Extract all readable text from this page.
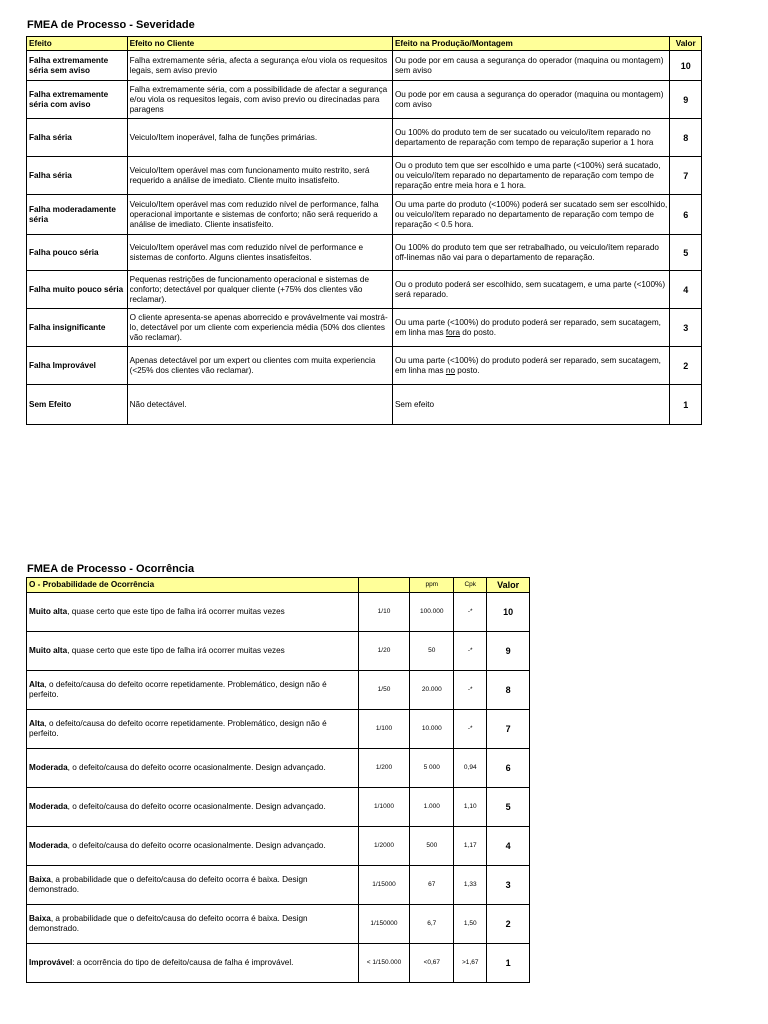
FMEA de Processo - Severidade
Efeito	Efeito no Cliente	Efeito na Produção/Montagem	Valor
Falha extremamente séria sem aviso	Falha extremamente séria, afecta a segurança e/ou viola os requesitos legais, sem aviso previo	Ou pode por em causa a segurança do operador (maquina ou montagem) sem aviso	10
Falha extremamente séria com aviso	Falha extremamente séria, com a possibilidade de afectar a segurança e/ou viola os requesitos legais, com aviso previo ou direcinadas para paragens	Ou pode por em causa a segurança do operador (maquina ou montagem) com aviso	9
Falha séria	Veiculo/Item inoperável, falha de funções primárias.	Ou 100% do produto tem de ser sucatado ou veiculo/ítem reparado no departamento de reparação com tempo de reparação superior a 1 hora	8
Falha séria	Veiculo/Item operável mas com funcionamento muito restrito, será requerido a análise de imediato. Cliente muito insatisfeito.	Ou o produto tem que ser escolhido e uma parte (<100%) será sucatado, ou veiculo/ítem reparado no departamento de reparação com tempo de reparação entre meia hora e 1 hora.	7
Falha moderadamente séria	Veiculo/Item operável mas com reduzido nível de performance, falha operacional importante e sistemas de conforto; não será requerido a análise de imediato. Cliente insatisfeito.	Ou uma parte do produto (<100%) poderá ser sucatado sem ser escolhido, ou veiculo/ítem reparado no departamento de reparação com tempo de reparação < 0.5 hora.	6
Falha pouco séria	Veiculo/Item operável mas com reduzido nível de performance e sistemas de conforto. Alguns clientes insatisfeitos.	Ou 100% do produto tem que ser retrabalhado, ou veiculo/ítem reparado off-linemas não vai para o departamento de reparação.	5
Falha muito pouco séria	Pequenas restrições de funcionamento operacional e sistemas de conforto; detectável por qualquer cliente (+75% dos clientes vão reclamar).	Ou o produto poderá ser escolhido, sem sucatagem, e uma parte (<100%) será reparado.	4
Falha insignificante	O cliente apresenta-se apenas aborrecido e provávelmente vai mostrá-lo, detectável por um cliente com experiencia média (50% dos clientes vão reclamar).	Ou uma parte (<100%) do produto poderá ser reparado, sem sucatagem, em linha mas fora do posto.	3
Falha Improvável	Apenas detectável por um expert ou clientes com muita experiencia (<25% dos clientes vão reclamar).	Ou uma parte (<100%) do produto poderá ser reparado, sem sucatagem, em linha mas no posto.	2
Sem Efeito	Não detectável.	Sem efeito	1
FMEA de Processo - Ocorrência
O - Probabilidade de Ocorrência		ppm	Cpk	Valor
Muito alta, quase certo que este tipo de falha irá ocorrer muitas vezes	1/10	100.000	-*	10
Muito alta, quase certo que este tipo de falha irá ocorrer muitas vezes	1/20	50	-*	9
Alta, o defeito/causa do defeito ocorre repetidamente. Problemático, design não é perfeito.	1/50	20.000	-*	8
Alta, o defeito/causa do defeito ocorre repetidamente. Problemático, design não é perfeito.	1/100	10.000	-*	7
Moderada, o defeito/causa do defeito ocorre ocasionalmente. Design advançado.	1/200	5 000	0,94	6
Moderada, o defeito/causa do defeito ocorre ocasionalmente. Design advançado.	1/1000	1.000	1,10	5
Moderada, o defeito/causa do defeito ocorre ocasionalmente. Design advançado.	1/2000	500	1,17	4
Baixa, a probabilidade que o defeito/causa do defeito ocorra é baixa. Design demonstrado.	1/15000	67	1,33	3
Baixa, a probabilidade que o defeito/causa do defeito ocorra é baixa. Design demonstrado.	1/150000	6,7	1,50	2
Improvável: a ocorrência do tipo de defeito/causa de falha é improvável.	< 1/150.000	<0,67	>1,67	1
